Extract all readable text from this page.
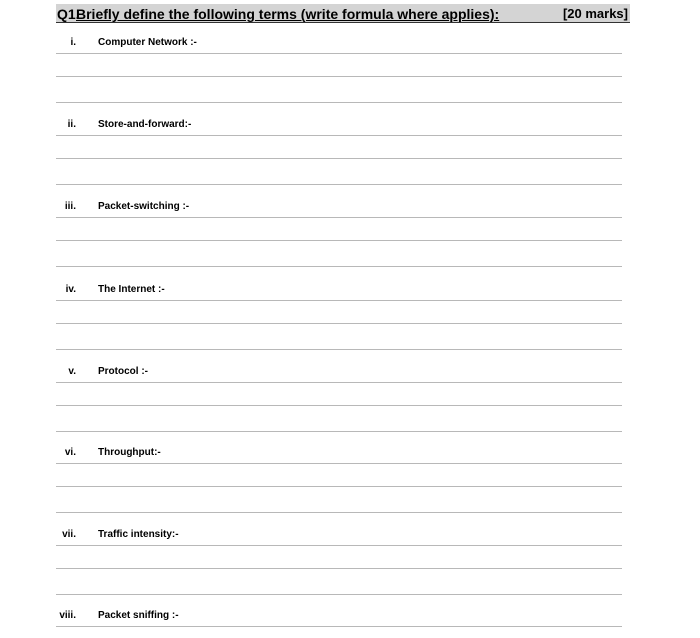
Q1.
Briefly define the following terms (write formula where applies):	[20 marks]
i. Computer Network :-
ii. Store-and-forward:-
iii. Packet-switching :-
iv. The Internet :-
v. Protocol :-
vi. Throughput:-
vii. Traffic intensity:-
viii. Packet sniffing :-
